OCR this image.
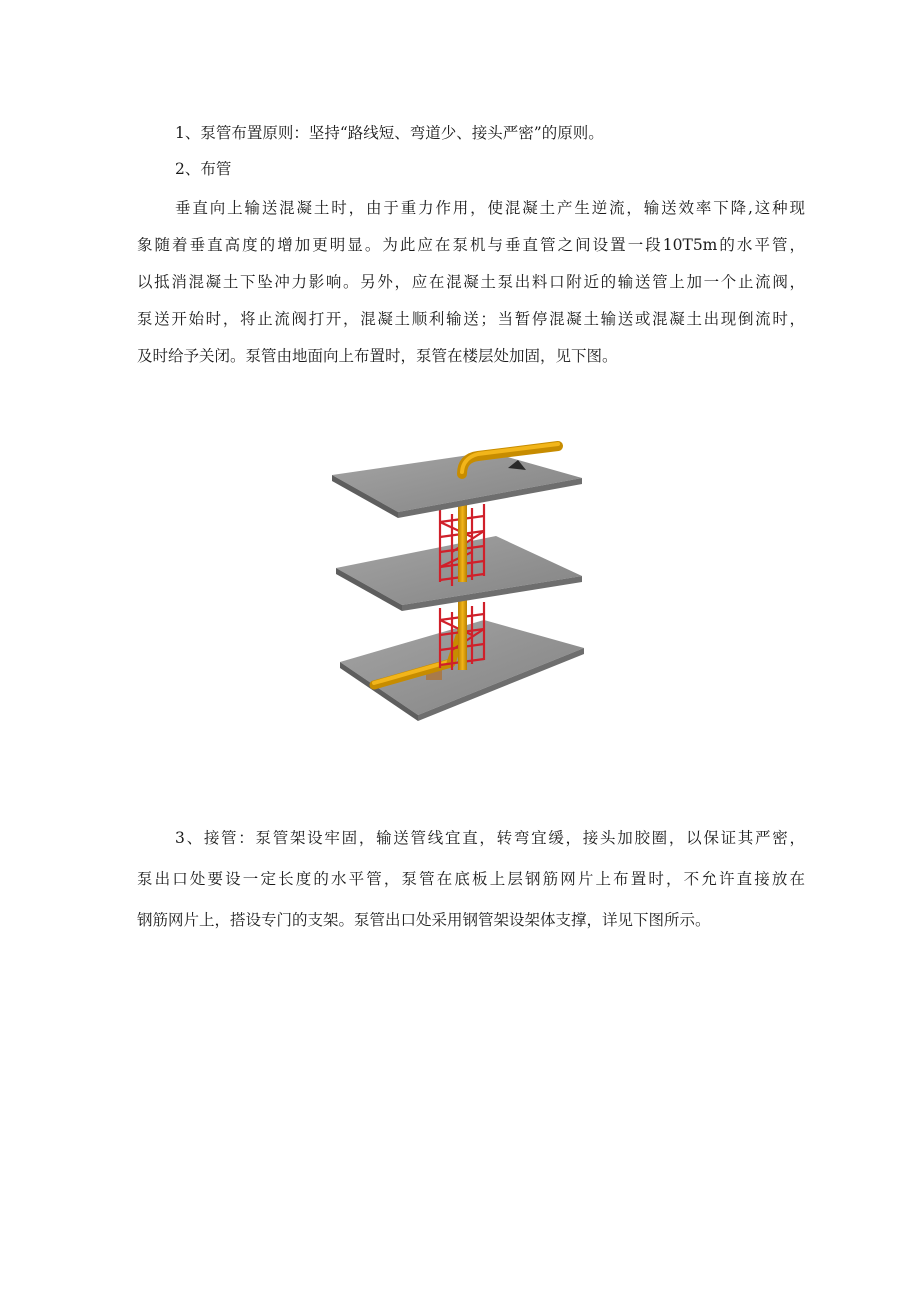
1、泵管布置原则：坚持“路线短、弯道少、接头严密”的原则。
2、布管
垂直向上输送混凝土时，由于重力作用，使混凝土产生逆流，输送效率下降,这种现
象随着垂直高度的增加更明显。为此应在泵机与垂直管之间设置一段10T5m的水平管，
以抵消混凝土下坠冲力影响。另外，应在混凝土泵出料口附近的输送管上加一个止流阀，
泵送开始时，将止流阀打开，混凝土顺利输送；当暂停混凝土输送或混凝土出现倒流时，
及时给予关闭。泵管由地面向上布置时，泵管在楼层处加固，见下图。
3、接管：泵管架设牢固，输送管线宜直，转弯宜缓，接头加胶圈，以保证其严密，
泵出口处要设一定长度的水平管，泵管在底板上层钢筋网片上布置时，不允许直接放在
钢筋网片上，搭设专门的支架。泵管出口处采用钢管架设架体支撑，详见下图所示。
